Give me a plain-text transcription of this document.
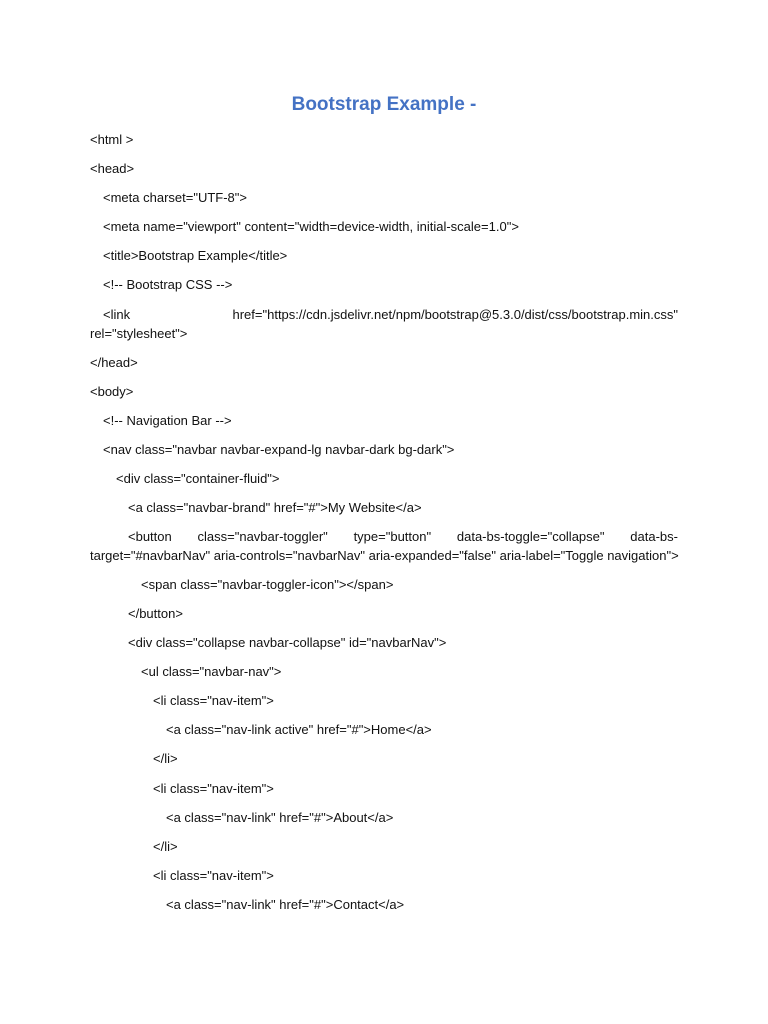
Bootstrap Example -
<html >
<head>
<meta charset="UTF-8">
<meta name="viewport" content="width=device-width, initial-scale=1.0">
<title>Bootstrap Example</title>
<!-- Bootstrap CSS -->
<link	href="https://cdn.jsdelivr.net/npm/bootstrap@5.3.0/dist/css/bootstrap.min.css"
rel="stylesheet">
</head>
<body>
<!-- Navigation Bar -->
<nav class="navbar navbar-expand-lg navbar-dark bg-dark">
<div class="container-fluid">
<a class="navbar-brand" href="#">My Website</a>
<button class="navbar-toggler" type="button" data-bs-toggle="collapse" data-bs-
target="#navbarNav" aria-controls="navbarNav" aria-expanded="false" aria-label="Toggle navigation">
<span class="navbar-toggler-icon"></span>
</button>
<div class="collapse navbar-collapse" id="navbarNav">
<ul class="navbar-nav">
<li class="nav-item">
<a class="nav-link active" href="#">Home</a>
</li>
<li class="nav-item">
<a class="nav-link" href="#">About</a>
</li>
<li class="nav-item">
<a class="nav-link" href="#">Contact</a>
